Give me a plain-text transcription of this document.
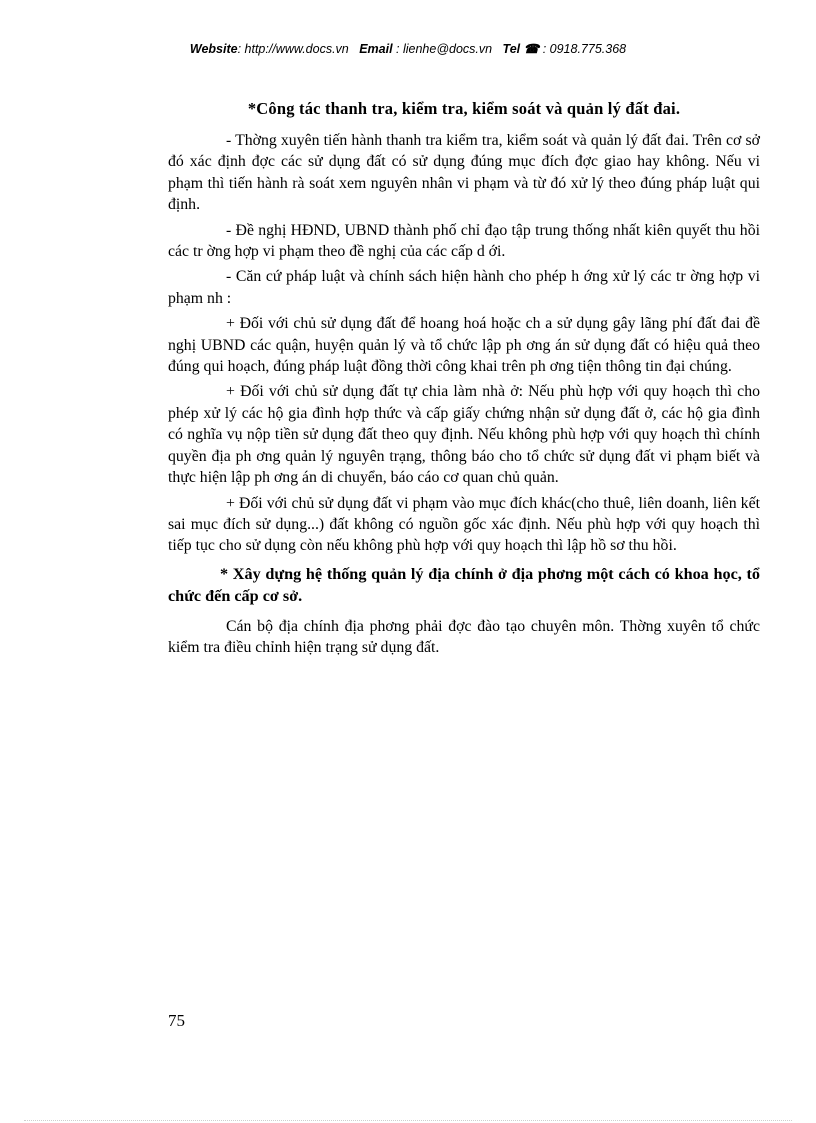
Website: http://www.docs.vn Email : lienhe@docs.vn Tel ☎ : 0918.775.368
*Công tác thanh tra, kiểm tra, kiểm soát và quản lý đất đai.

- Thờng xuyên tiến hành thanh tra kiểm tra, kiểm soát và quản lý đất đai. Trên cơ sở đó xác định đợc các sử dụng đất có sử dụng đúng mục đích đợc giao hay không. Nếu vi phạm thì tiến hành rà soát xem nguyên nhân vi phạm và từ đó xử lý theo đúng pháp luật qui định.

- Đề nghị HĐND, UBND thành phố chỉ đạo tập trung thống nhất kiên quyết thu hồi các tr ờng hợp vi phạm theo đề nghị của các cấp d ới.

- Căn cứ pháp luật và chính sách hiện hành cho phép h ớng xử lý các tr ờng hợp vi phạm nh :

+ Đối với chủ sử dụng đất để hoang hoá hoặc ch a sử dụng gây lãng phí đất đai đề nghị UBND các quận, huyện quản lý và tổ chức lập ph ơng án sử dụng đất có hiệu quả theo đúng qui hoạch, đúng pháp luật đồng thời công khai trên ph ơng tiện thông tin đại chúng.

+ Đối với chủ sử dụng đất tự chia làm nhà ở: Nếu phù hợp với quy hoạch thì cho phép xử lý các hộ gia đình hợp thức và cấp giấy chứng nhận sử dụng đất ở, các hộ gia đình có nghĩa vụ nộp tiền sử dụng đất theo quy định. Nếu không phù hợp với quy hoạch thì chính quyền địa ph ơng quản lý nguyên trạng, thông báo cho tổ chức sử dụng đất vi phạm biết và thực hiện lập ph ơng án di chuyển, báo cáo cơ quan chủ quản.

+ Đối với chủ sử dụng đất vi phạm vào mục đích khác(cho thuê, liên doanh, liên kết sai mục đích sử dụng...) đất không có nguồn gốc xác định. Nếu phù hợp với quy hoạch thì tiếp tục cho sử dụng còn nếu không phù hợp với quy hoạch thì lập hồ sơ thu hồi.

* Xây dựng hệ thống quản lý địa chính ở địa phơng một cách có khoa học, tổ chức đến cấp cơ sở.

Cán bộ địa chính địa phơng phải đợc đào tạo chuyên môn. Thờng xuyên tổ chức kiểm tra điều chỉnh hiện trạng sử dụng đất.

75
